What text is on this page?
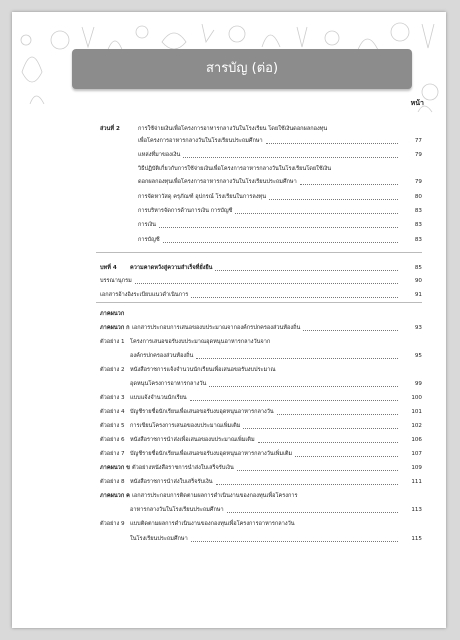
สารบัญ (ต่อ)
หน้า
ส่วนที่ 2	การใช้จ่ายเงินเพื่อโครงการอาหารกลางวันในโรงเรียน โดยใช้เงินดอกผลกองทุน
เพื่อโครงการอาหารกลางวันในโรงเรียนประถมศึกษา	77
แหล่งที่มาของเงิน	79
วิธีปฏิบัติเกี่ยวกับการใช้จ่ายเงินเพื่อโครงการอาหารกลางวันในโรงเรียนโดยใช้เงิน
ดอกผลกองทุนเพื่อโครงการอาหารกลางวันในโรงเรียนประถมศึกษา	79
การจัดหาวัสดุ ครุภัณฑ์ อุปกรณ์ โรงเรียนในการลงทุน	80
การบริหารจัดการด้านการเงิน การบัญชี	83
การเงิน	83
การบัญชี	83
บทที่ 4 ความคาดหวังสู่ความสำเร็จที่ยั่งยืน	85
บรรณานุกรม	90
เอกสารอ้างอิงระเบียบแนวดำเนินการ	91
ภาคผนวก
ภาคผนวก ก เอกสารประกอบการเสนอของบประมาณจากองค์กรปกครองส่วนท้องถิ่น	93
ตัวอย่าง 1 โครงการเสนอขอรับงบประมาณอุดหนุนอาหารกลางวันจาก
องค์กรปกครองส่วนท้องถิ่น	95
ตัวอย่าง 2 หนังสือราชการแจ้งจำนวนนักเรียนเพื่อเสนอขอรับงบประมาณ
อุดหนุนโครงการอาหารกลางวัน	99
ตัวอย่าง 3 แบบแจ้งจำนวนนักเรียน	100
ตัวอย่าง 4 บัญชีรายชื่อนักเรียนเพื่อเสนอขอรับงบอุดหนุนอาหารกลางวัน	101
ตัวอย่าง 5 การเขียนโครงการเสนอของบประมาณเพิ่มเติม	102
ตัวอย่าง 6 หนังสือราชการนำส่งเพื่อเสนอของบประมาณเพิ่มเติม	106
ตัวอย่าง 7 บัญชีรายชื่อนักเรียนเพื่อเสนอขอรับงบอุดหนุนอาหารกลางวันเพิ่มเติม	107
ภาคผนวก ข ตัวอย่างหนังสือราชการนำส่งใบเสร็จรับเงิน	109
ตัวอย่าง 8 หนังสือราชการนำส่งใบเสร็จรับเงิน	111
ภาคผนวก ค เอกสารประกอบการติดตามผลการดำเนินงานของกองทุนเพื่อโครงการ
อาหารกลางวันในโรงเรียนประถมศึกษา	113
ตัวอย่าง 9 แบบติดตามผลการดำเนินงานของกองทุนเพื่อโครงการอาหารกลางวัน
ในโรงเรียนประถมศึกษา	115
